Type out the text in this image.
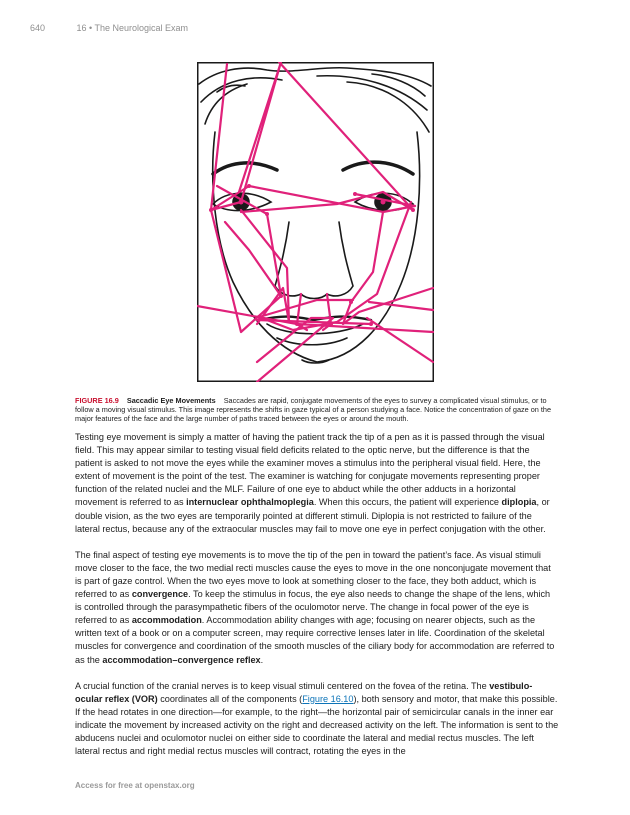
640	16 • The Neurological Exam
FIGURE 16.9 Saccadic Eye Movements Saccades are rapid, conjugate movements of the eyes to survey a complicated visual stimulus, or to follow a moving visual stimulus. This image represents the shifts in gaze typical of a person studying a face. Notice the concentration of gaze on the major features of the face and the large number of paths traced between the eyes or around the mouth.

Testing eye movement is simply a matter of having the patient track the tip of a pen as it is passed through the visual field. This may appear similar to testing visual field deficits related to the optic nerve, but the difference is that the patient is asked to not move the eyes while the examiner moves a stimulus into the peripheral visual field. Here, the extent of movement is the point of the test. The examiner is watching for conjugate movements representing proper function of the related nuclei and the MLF. Failure of one eye to abduct while the other adducts in a horizontal movement is referred to as internuclear ophthalmoplegia. When this occurs, the patient will experience diplopia, or double vision, as the two eyes are temporarily pointed at different stimuli. Diplopia is not restricted to failure of the lateral rectus, because any of the extraocular muscles may fail to move one eye in perfect conjugation with the other.

The final aspect of testing eye movements is to move the tip of the pen in toward the patient’s face. As visual stimuli move closer to the face, the two medial recti muscles cause the eyes to move in the one nonconjugate movement that is part of gaze control. When the two eyes move to look at something closer to the face, they both adduct, which is referred to as convergence. To keep the stimulus in focus, the eye also needs to change the shape of the lens, which is controlled through the parasympathetic fibers of the oculomotor nerve. The change in focal power of the eye is referred to as accommodation. Accommodation ability changes with age; focusing on nearer objects, such as the written text of a book or on a computer screen, may require corrective lenses later in life. Coordination of the skeletal muscles for convergence and coordination of the smooth muscles of the ciliary body for accommodation are referred to as the accommodation–convergence reflex.

A crucial function of the cranial nerves is to keep visual stimuli centered on the fovea of the retina. The vestibulo-ocular reflex (VOR) coordinates all of the components (Figure 16.10), both sensory and motor, that make this possible. If the head rotates in one direction—for example, to the right—the horizontal pair of semicircular canals in the inner ear indicate the movement by increased activity on the right and decreased activity on the left. The information is sent to the abducens nuclei and oculomotor nuclei on either side to coordinate the lateral and medial rectus muscles. The left lateral rectus and right medial rectus muscles will contract, rotating the eyes in the

Access for free at openstax.org
